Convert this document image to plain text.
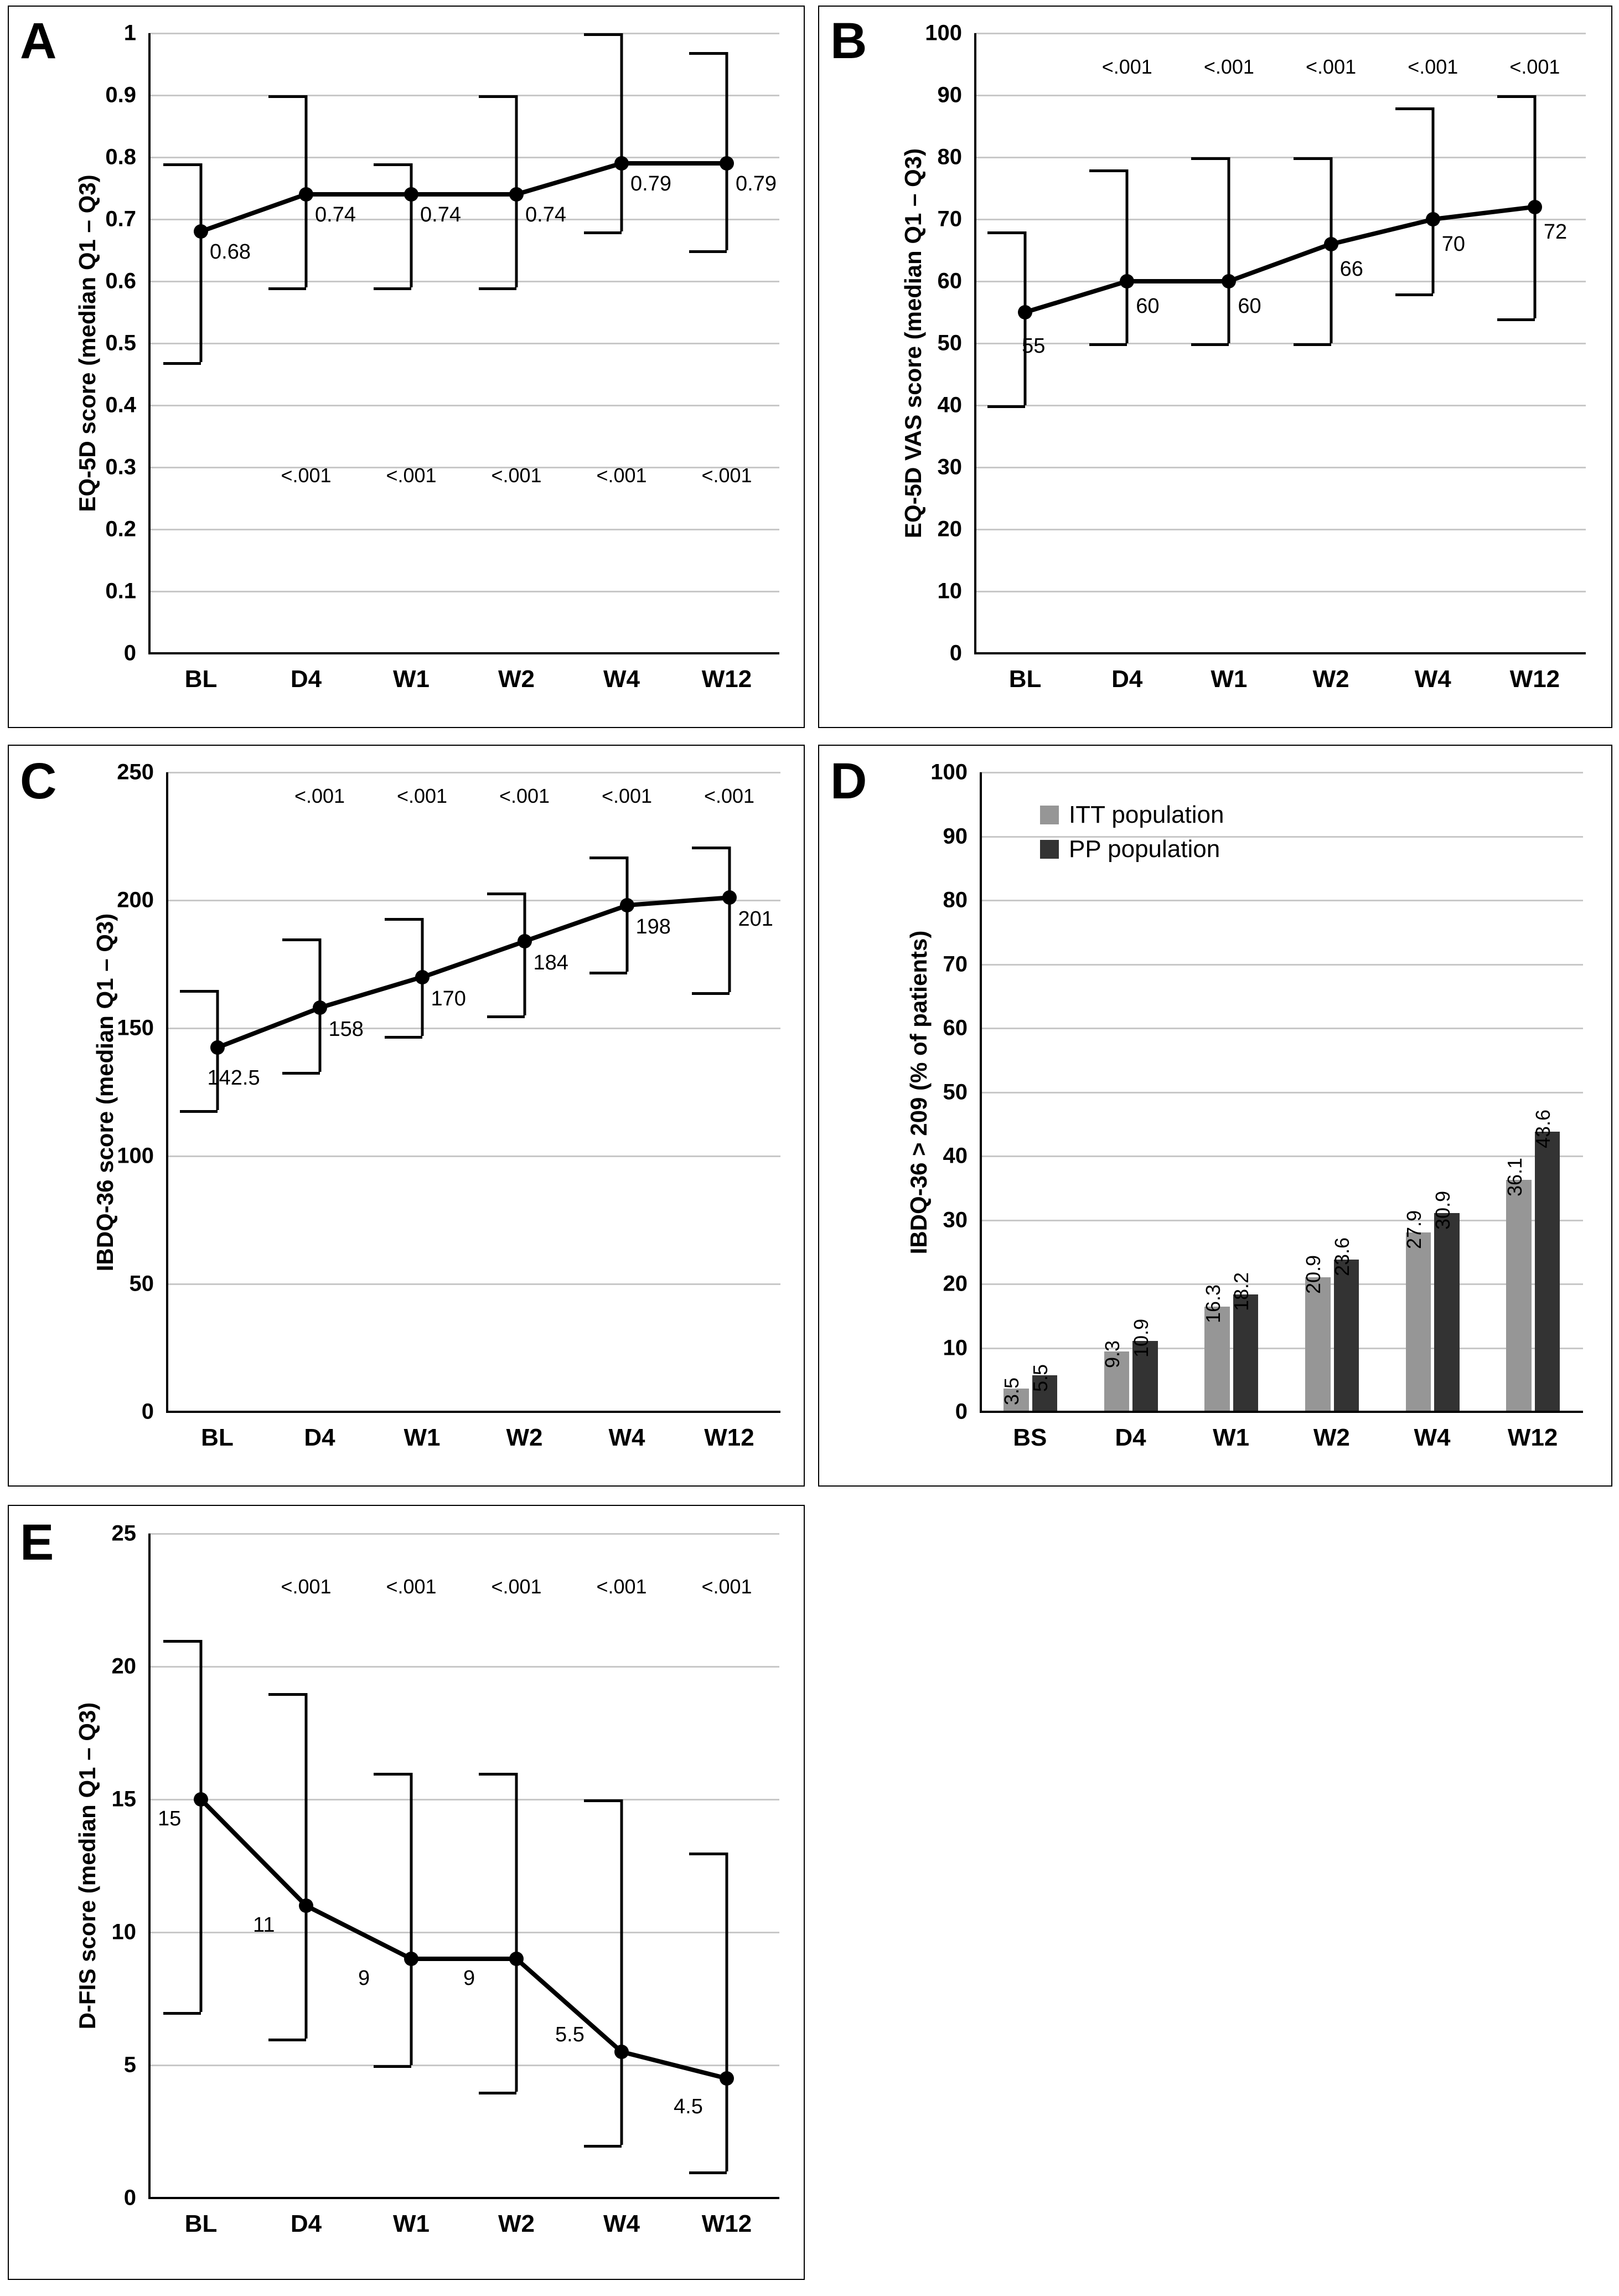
A
<.001	<.001	<.001	<.001	<.001
0.68
0.74	0.74	0.74
0.79	0.79
0
0.1
0.2
0.3
0.4
0.5
0.6
0.7
0.8
0.9
1
EQ-5D score (median Q1 – Q3)
BL	D4	W1	W2	W4	W12
B	<.001	<.001	<.001	<.001	<.001
55
60	60
66
70
72
0
10
20
30
40
50
60
70
80
90
100
EQ-5D VAS score (median Q1 – Q3)
BL	D4	W1	W2	W4 W12
C	<.001	<.001	<.001	<.001	<.001
142.5
158
170
184
198	201
0
50
100
150
200
250
IBDQ-36 score (median Q1 – Q3)
BL	D4	W1	W2	W4 W12
D
ITT population
PP population
3.5
9.3
16.3
20.9
27.9
36.1
5.5
10.9
18.2
23.6
30.9
43.6
0
10
20
30
40
50
60
70
80
90
100
IBDQ-36 > 209 (% of patients)
BS	D4	W1	W2	W4 W12
E
<.001	<.001	<.001	<.001	<.001
15
11
9	9
5.5
4.5
0
5
10
15
20
25
D-FIS score (median Q1 – Q3)
BL	D4	W1	W2	W4	W12
